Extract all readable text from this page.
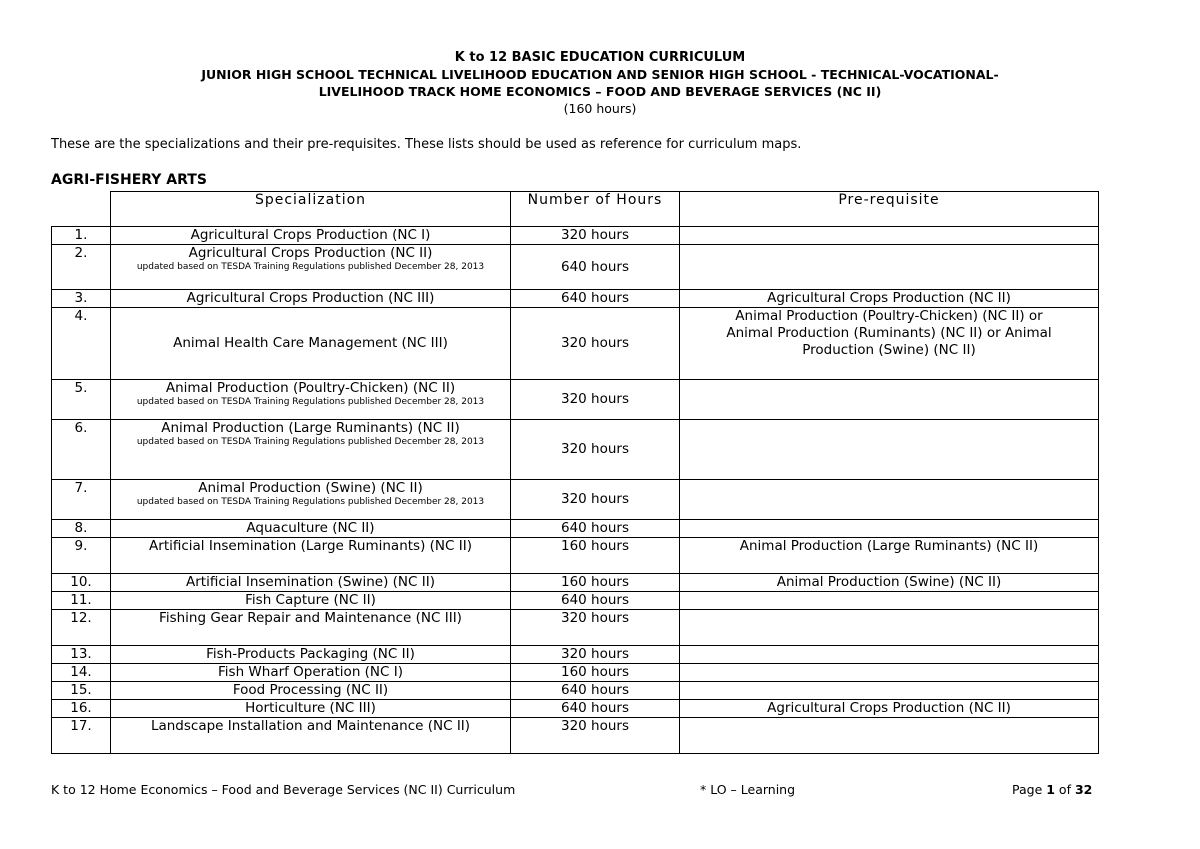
K to 12 BASIC EDUCATION CURRICULUM
JUNIOR HIGH SCHOOL TECHNICAL LIVELIHOOD EDUCATION AND SENIOR HIGH SCHOOL - TECHNICAL-VOCATIONAL-
LIVELIHOOD TRACK HOME ECONOMICS – FOOD AND BEVERAGE SERVICES (NC II)
(160 hours)
These are the specializations and their pre-requisites. These lists should be used as reference for curriculum maps.
AGRI-FISHERY ARTS
	Specialization	Number of Hours	Pre-requisite
1.	Agricultural Crops Production (NC I)	320 hours	
2.	Agricultural Crops Production (NC II)
updated based on TESDA Training Regulations published December 28, 2013	640 hours	
3.	Agricultural Crops Production (NC III)	640 hours	Agricultural Crops Production (NC II)
4.	Animal Health Care Management (NC III)	320 hours	Animal Production (Poultry-Chicken) (NC II) or Animal Production (Ruminants) (NC II) or Animal Production (Swine) (NC II)
5.	Animal Production (Poultry-Chicken) (NC II)
updated based on TESDA Training Regulations published December 28, 2013	320 hours	
6.	Animal Production (Large Ruminants) (NC II)
updated based on TESDA Training Regulations published December 28, 2013	320 hours	
7.	Animal Production (Swine) (NC II)
updated based on TESDA Training Regulations published December 28, 2013	320 hours	
8.	Aquaculture (NC II)	640 hours	
9.	Artificial Insemination (Large Ruminants) (NC II)	160 hours	Animal Production (Large Ruminants) (NC II)
10.	Artificial Insemination (Swine) (NC II)	160 hours	Animal Production (Swine) (NC II)
11.	Fish Capture (NC II)	640 hours	
12.	Fishing Gear Repair and Maintenance (NC III)	320 hours	
13.	Fish-Products Packaging (NC II)	320 hours	
14.	Fish Wharf Operation (NC I)	160 hours	
15.	Food Processing (NC II)	640 hours	
16.	Horticulture (NC III)	640 hours	Agricultural Crops Production (NC II)
17.	Landscape Installation and Maintenance (NC II)	320 hours	
K to 12 Home Economics – Food and Beverage Services (NC II) Curriculum	* LO – Learning	Page 1 of 32
